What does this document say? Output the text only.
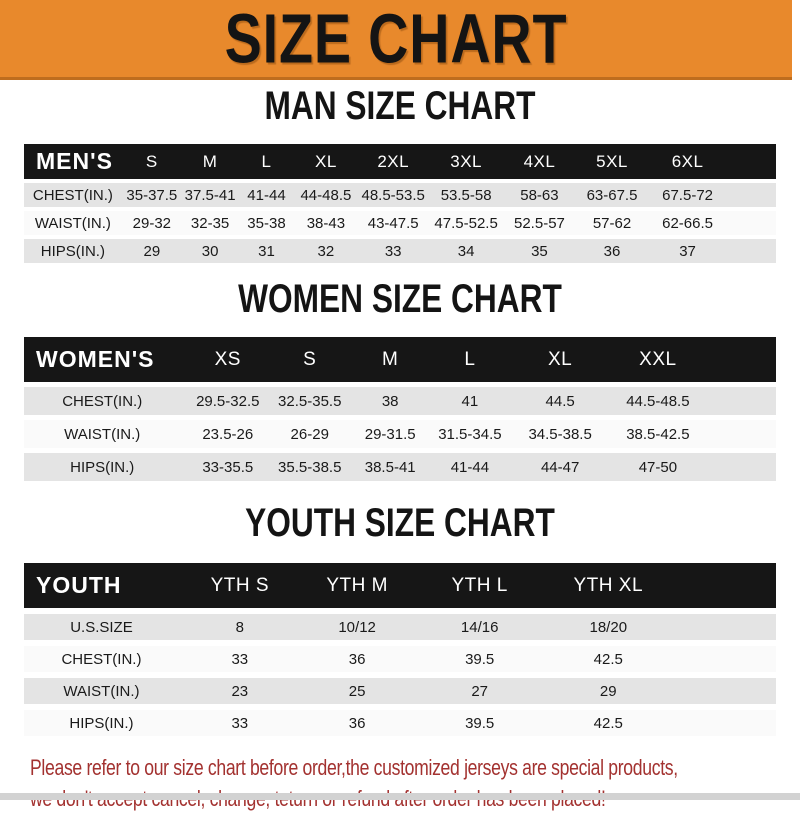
SIZE CHART
MAN SIZE CHART
MEN'S	S	M	L	XL	2XL	3XL	4XL	5XL	6XL
CHEST(IN.) 35-37.5 37.5-41 41-44 44-48.5 48.5-53.5	53.5-58	58-63	63-67.5	67.5-72
WAIST(IN.)	29-32	32-35	35-38	38-43	43-47.5	47.5-52.5	52.5-57	57-62	62-66.5
HIPS(IN.)	29	30	31	32	33	34	35	36	37
WOMEN SIZE CHART
WOMEN'S	XS	S	M	L	XL	XXL
CHEST(IN.)	29.5-32.5	32.5-35.5	38	41	44.5	44.5-48.5
WAIST(IN.)	23.5-26	26-29	29-31.5	31.5-34.5	34.5-38.5	38.5-42.5
HIPS(IN.)	33-35.5	35.5-38.5	38.5-41	41-44	44-47	47-50
YOUTH SIZE CHART
YOUTH	YTH S	YTH M	YTH L	YTH XL
U.S.SIZE	8	10/12	14/16	18/20
CHEST(IN.)	33	36	39.5	42.5
WAIST(IN.)	23	25	27	29
HIPS(IN.)	33	36	39.5	42.5
Please refer to our size chart before order,the customized jerseys are special products,
